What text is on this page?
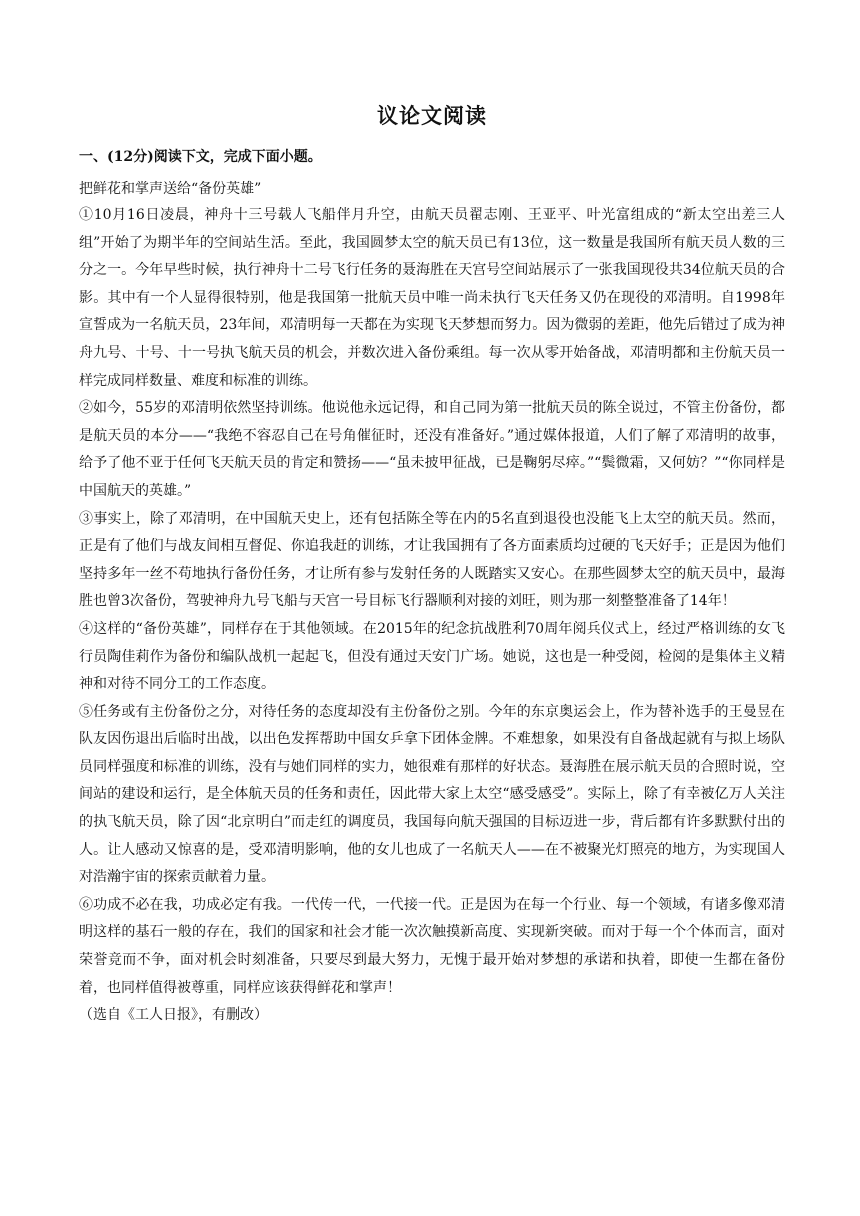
议论文阅读

一、(12分)阅读下文，完成下面小题。

把鲜花和掌声送给“备份英雄”

①10月16日凌晨，神舟十三号载人飞船伴月升空，由航天员翟志刚、王亚平、叶光富组成的“新太空出差三人组”开始了为期半年的空间站生活。至此，我国圆梦太空的航天员已有13位，这一数量是我国所有航天员人数的三分之一。今年早些时候，执行神舟十二号飞行任务的聂海胜在天宫号空间站展示了一张我国现役共34位航天员的合影。其中有一个人显得很特别，他是我国第一批航天员中唯一尚未执行飞天任务又仍在现役的邓清明。自1998年宣誓成为一名航天员，23年间，邓清明每一天都在为实现飞天梦想而努力。因为微弱的差距，他先后错过了成为神舟九号、十号、十一号执飞航天员的机会，并数次进入备份乘组。每一次从零开始备战，邓清明都和主份航天员一样完成同样数量、难度和标准的训练。

②如今，55岁的邓清明依然坚持训练。他说他永远记得，和自己同为第一批航天员的陈全说过，不管主份备份，都是航天员的本分——“我绝不容忍自己在号角催征时，还没有准备好。”通过媒体报道，人们了解了邓清明的故事，给予了他不亚于任何飞天航天员的肯定和赞扬——“虽未披甲征战，已是鞠躬尽瘁。”“鬓微霜，又何妨？”“你同样是中国航天的英雄。”

③事实上，除了邓清明，在中国航天史上，还有包括陈全等在内的5名直到退役也没能飞上太空的航天员。然而，正是有了他们与战友间相互督促、你追我赶的训练，才让我国拥有了各方面素质均过硬的飞天好手；正是因为他们坚持多年一丝不苟地执行备份任务，才让所有参与发射任务的人既踏实又安心。在那些圆梦太空的航天员中，最海胜也曾3次备份，驾驶神舟九号飞船与天宫一号目标飞行器顺利对接的刘旺，则为那一刻整整准备了14年！

④这样的“备份英雄”，同样存在于其他领域。在2015年的纪念抗战胜利70周年阅兵仪式上，经过严格训练的女飞行员陶佳莉作为备份和编队战机一起起飞，但没有通过天安门广场。她说，这也是一种受阅，检阅的是集体主义精神和对待不同分工的工作态度。

⑤任务或有主份备份之分，对待任务的态度却没有主份备份之别。今年的东京奥运会上，作为替补选手的王曼昱在队友因伤退出后临时出战，以出色发挥帮助中国女乒拿下团体金牌。不难想象，如果没有自备战起就有与拟上场队员同样强度和标准的训练，没有与她们同样的实力，她很难有那样的好状态。聂海胜在展示航天员的合照时说，空间站的建设和运行，是全体航天员的任务和责任，因此带大家上太空“感受感受”。实际上，除了有幸被亿万人关注的执飞航天员，除了因“北京明白”而走红的调度员，我国每向航天强国的目标迈进一步，背后都有许多默默付出的人。让人感动又惊喜的是，受邓清明影响，他的女儿也成了一名航天人——在不被聚光灯照亮的地方，为实现国人对浩瀚宇宙的探索贡献着力量。

⑥功成不必在我，功成必定有我。一代传一代，一代接一代。正是因为在每一个行业、每一个领域，有诸多像邓清明这样的基石一般的存在，我们的国家和社会才能一次次触摸新高度、实现新突破。而对于每一个个体而言，面对荣誉竞而不争，面对机会时刻准备，只要尽到最大努力，无愧于最开始对梦想的承诺和执着，即使一生都在备份着，也同样值得被尊重，同样应该获得鲜花和掌声！

（选自《工人日报》，有删改）
